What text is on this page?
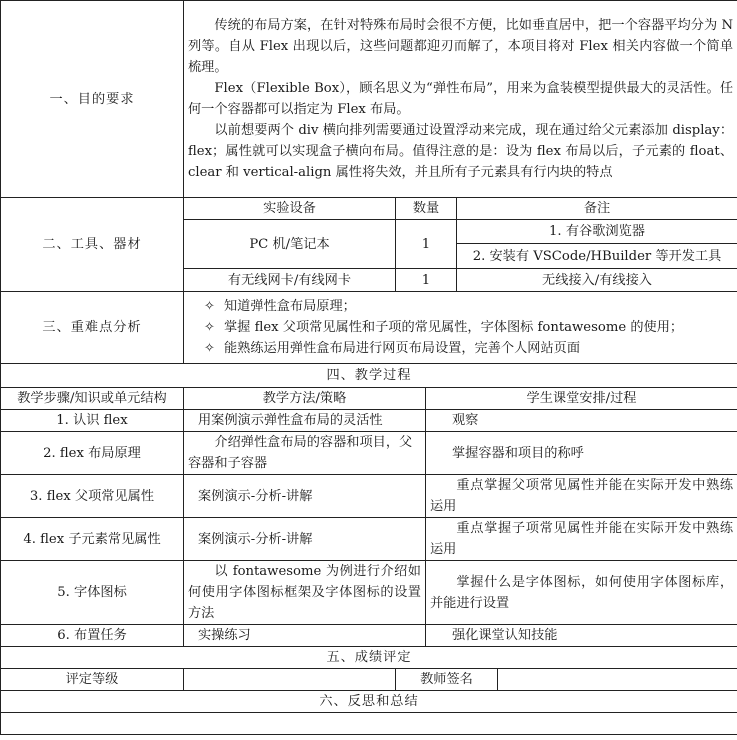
一、目的要求	传统的布局方案，在针对特殊布局时会很不方便，比如垂直居中，把一个容器平均分为 N 列等。自从 Flex 出现以后，这些问题都迎刃而解了，本项目将对 Flex 相关内容做一个简单梳理。
Flex（Flexible Box），顾名思义为“弹性布局”，用来为盒装模型提供最大的灵活性。任何一个容器都可以指定为 Flex 布局。
以前想要两个 div 横向排列需要通过设置浮动来完成，现在通过给父元素添加 display：flex；属性就可以实现盒子横向布局。值得注意的是：设为 flex 布局以后，子元素的 float、clear 和 vertical-align 属性将失效，并且所有子元素具有行内块的特点				

二、工具、器材	实验设备	数量		备注	
	PC 机/笔记本	1		1. 有谷歌浏览器	
				2. 安装有 VSCode/HBuilder 等开发工具	
	有无线网卡/有线网卡	1		无线接入/有线接入	
三、重难点分析	✧ 知道弹性盒布局原理；
✧ 掌握 flex 父项常见属性和子项的常见属性，字体图标 fontawesome 的使用；
✧ 能熟练运用弹性盒布局进行网页布局设置，完善个人网站页面				

四、教学过程					
教学步骤/知识或单元结构	教学方法/策略		学生课堂安排/过程		
1. 认识 flex	用案例演示弹性盒布局的灵活性		观察		
2. flex 布局原理	介绍弹性盒布局的容器和项目，父容器和子容器		掌握容器和项目的称呼		
3. flex 父项常见属性	案例演示-分析-讲解		重点掌握父项常见属性并能在实际开发中熟练运用		
4. flex 子元素常见属性	案例演示-分析-讲解		重点掌握子项常见属性并能在实际开发中熟练运用		
5. 字体图标	以 fontawesome 为例进行介绍如何使用字体图标框架及字体图标的设置方法		掌握什么是字体图标，如何使用字体图标库，并能进行设置		
6. 布置任务	实操练习		强化课堂认知技能		
五、成绩评定					
评定等级		教师签名			
六、反思和总结					
